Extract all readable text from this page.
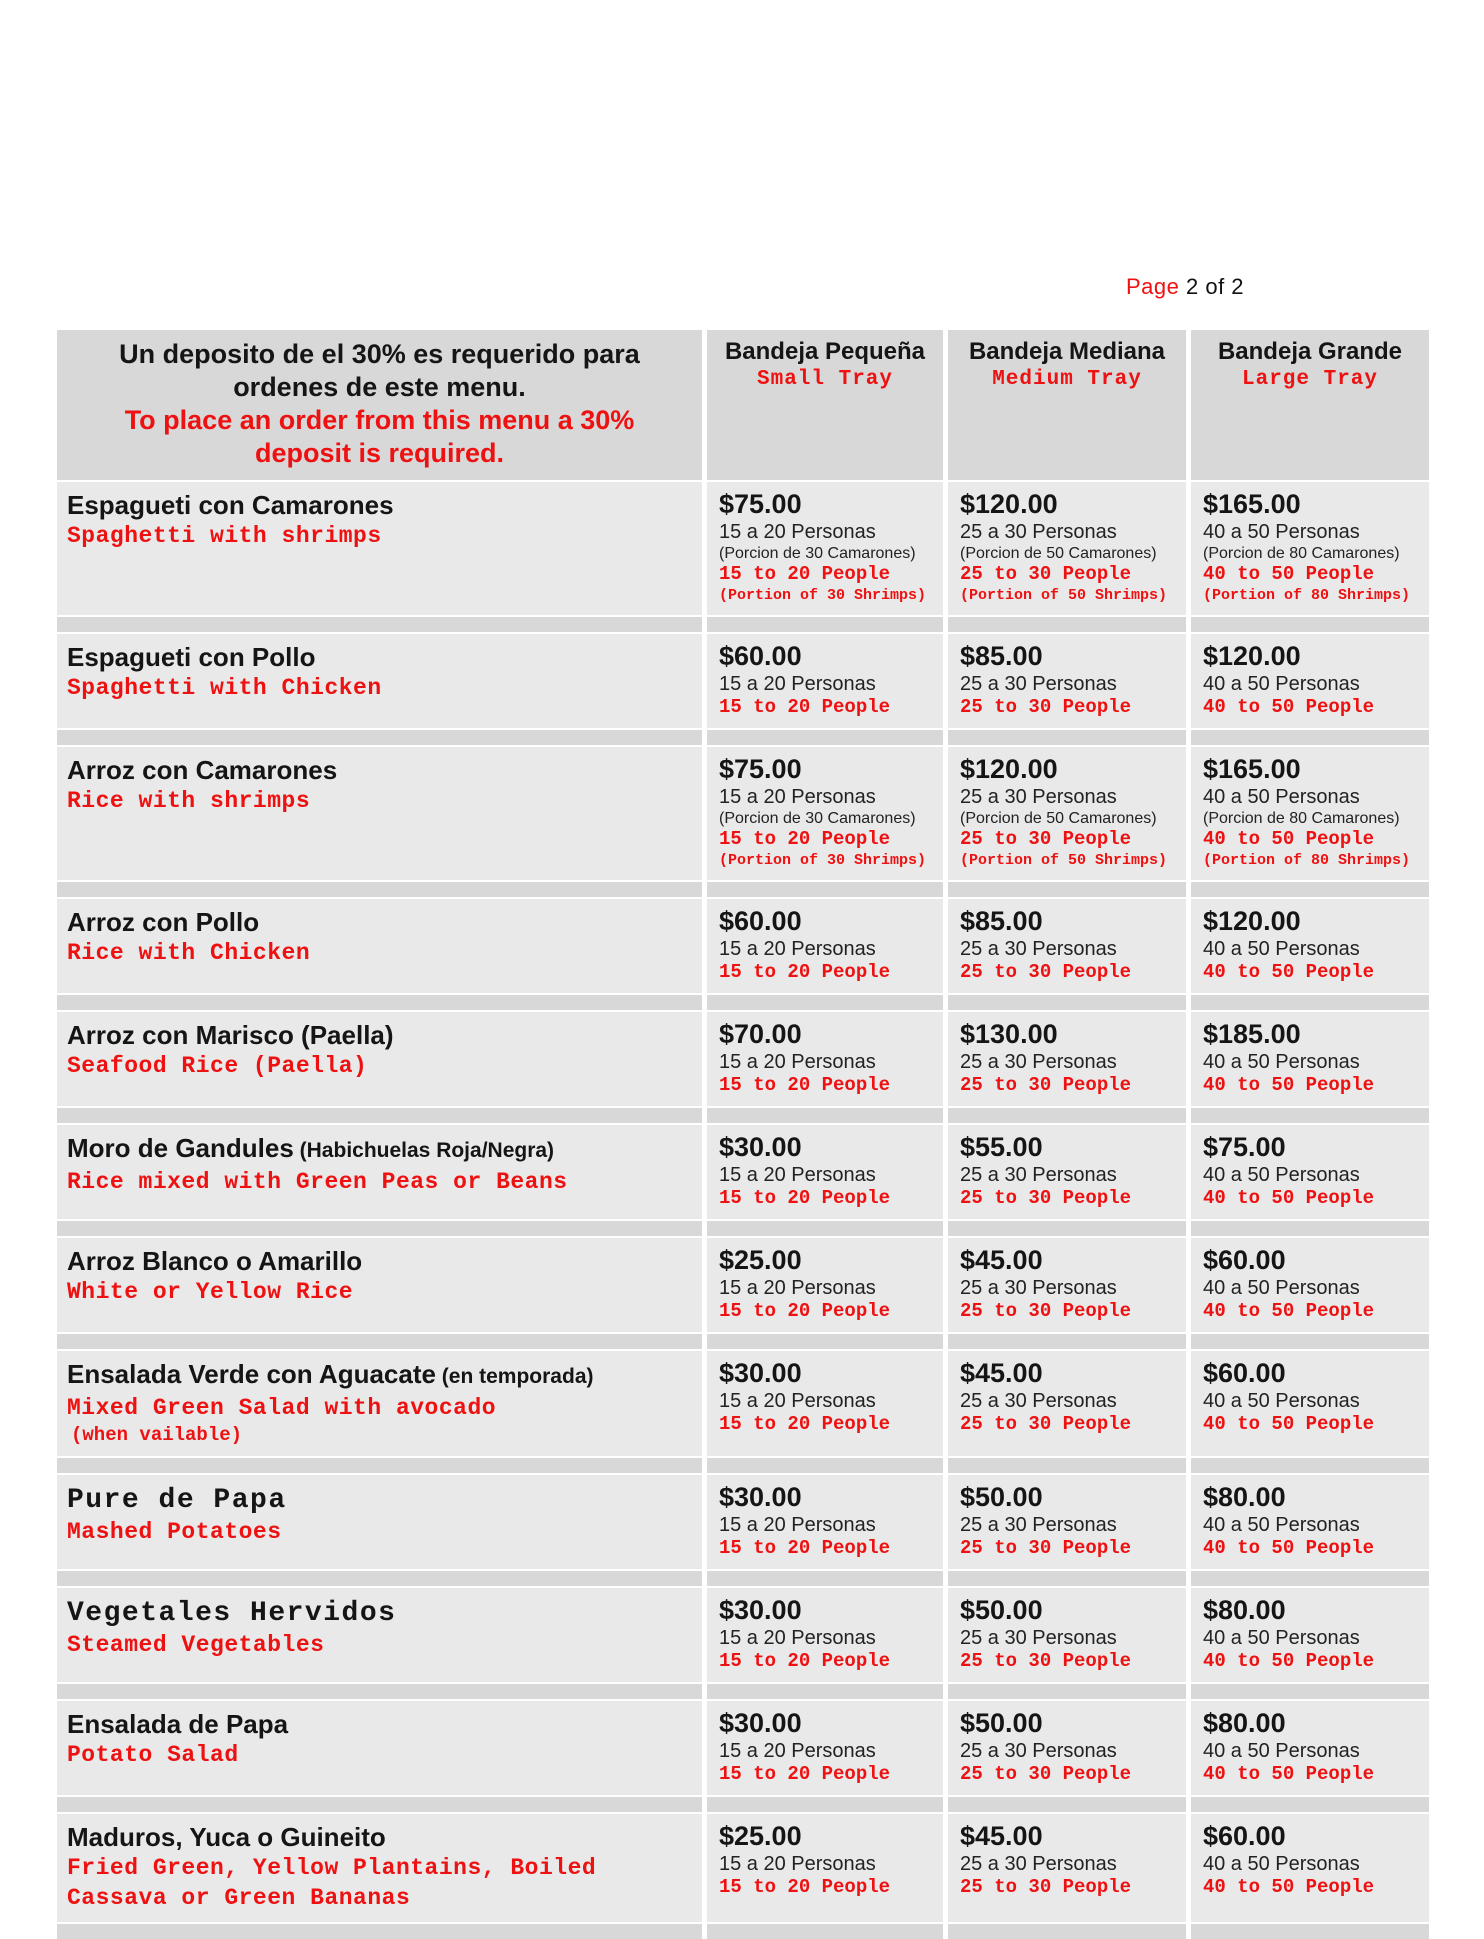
Page 2 of 2
Un deposito de el 30% es requerido para ordenes de este menu.
To place an order from this menu a 30% deposit is required.
Bandeja Pequeña
Small Tray
Bandeja Mediana
Medium Tray
Bandeja Grande
Large Tray
Espagueti con Camarones
Spaghetti with shrimps
$75.00
15 a 20 Personas
(Porcion de 30 Camarones)
15 to 20 People
(Portion of 30 Shrimps)
$120.00
25 a 30 Personas
(Porcion de 50 Camarones)
25 to 30 People
(Portion of 50 Shrimps)
$165.00
40 a 50 Personas
(Porcion de 80 Camarones)
40 to 50 People
(Portion of 80 Shrimps)
Espagueti con Pollo
Spaghetti with Chicken
$60.00
15 a 20 Personas
15 to 20 People
$85.00
25 a 30 Personas
25 to 30 People
$120.00
40 a 50 Personas
40 to 50 People
Arroz con Camarones
Rice with shrimps
$75.00
15 a 20 Personas
(Porcion de 30 Camarones)
15 to 20 People
(Portion of 30 Shrimps)
$120.00
25 a 30 Personas
(Porcion de 50 Camarones)
25 to 30 People
(Portion of 50 Shrimps)
$165.00
40 a 50 Personas
(Porcion de 80 Camarones)
40 to 50 People
(Portion of 80 Shrimps)
Arroz con Pollo
Rice with Chicken
$60.00
15 a 20 Personas
15 to 20 People
$85.00
25 a 30 Personas
25 to 30 People
$120.00
40 a 50 Personas
40 to 50 People
Arroz con Marisco (Paella)
Seafood Rice (Paella)
$70.00
15 a 20 Personas
15 to 20 People
$130.00
25 a 30 Personas
25 to 30 People
$185.00
40 a 50 Personas
40 to 50 People
Moro de Gandules (Habichuelas Roja/Negra)
Rice mixed with Green Peas or Beans
$30.00
15 a 20 Personas
15 to 20 People
$55.00
25 a 30 Personas
25 to 30 People
$75.00
40 a 50 Personas
40 to 50 People
Arroz Blanco o Amarillo
White or Yellow Rice
$25.00
15 a 20 Personas
15 to 20 People
$45.00
25 a 30 Personas
25 to 30 People
$60.00
40 a 50 Personas
40 to 50 People
Ensalada Verde con Aguacate (en temporada)
Mixed Green Salad with avocado
(when vailable)
$30.00
15 a 20 Personas
15 to 20 People
$45.00
25 a 30 Personas
25 to 30 People
$60.00
40 a 50 Personas
40 to 50 People
Pure de Papa
Mashed Potatoes
$30.00
15 a 20 Personas
15 to 20 People
$50.00
25 a 30 Personas
25 to 30 People
$80.00
40 a 50 Personas
40 to 50 People
Vegetales Hervidos
Steamed Vegetables
$30.00
15 a 20 Personas
15 to 20 People
$50.00
25 a 30 Personas
25 to 30 People
$80.00
40 a 50 Personas
40 to 50 People
Ensalada de Papa
Potato Salad
$30.00
15 a 20 Personas
15 to 20 People
$50.00
25 a 30 Personas
25 to 30 People
$80.00
40 a 50 Personas
40 to 50 People
Maduros, Yuca o Guineito
Fried Green, Yellow Plantains, Boiled Cassava or Green Bananas
$25.00
15 a 20 Personas
15 to 20 People
$45.00
25 a 30 Personas
25 to 30 People
$60.00
40 a 50 Personas
40 to 50 People
